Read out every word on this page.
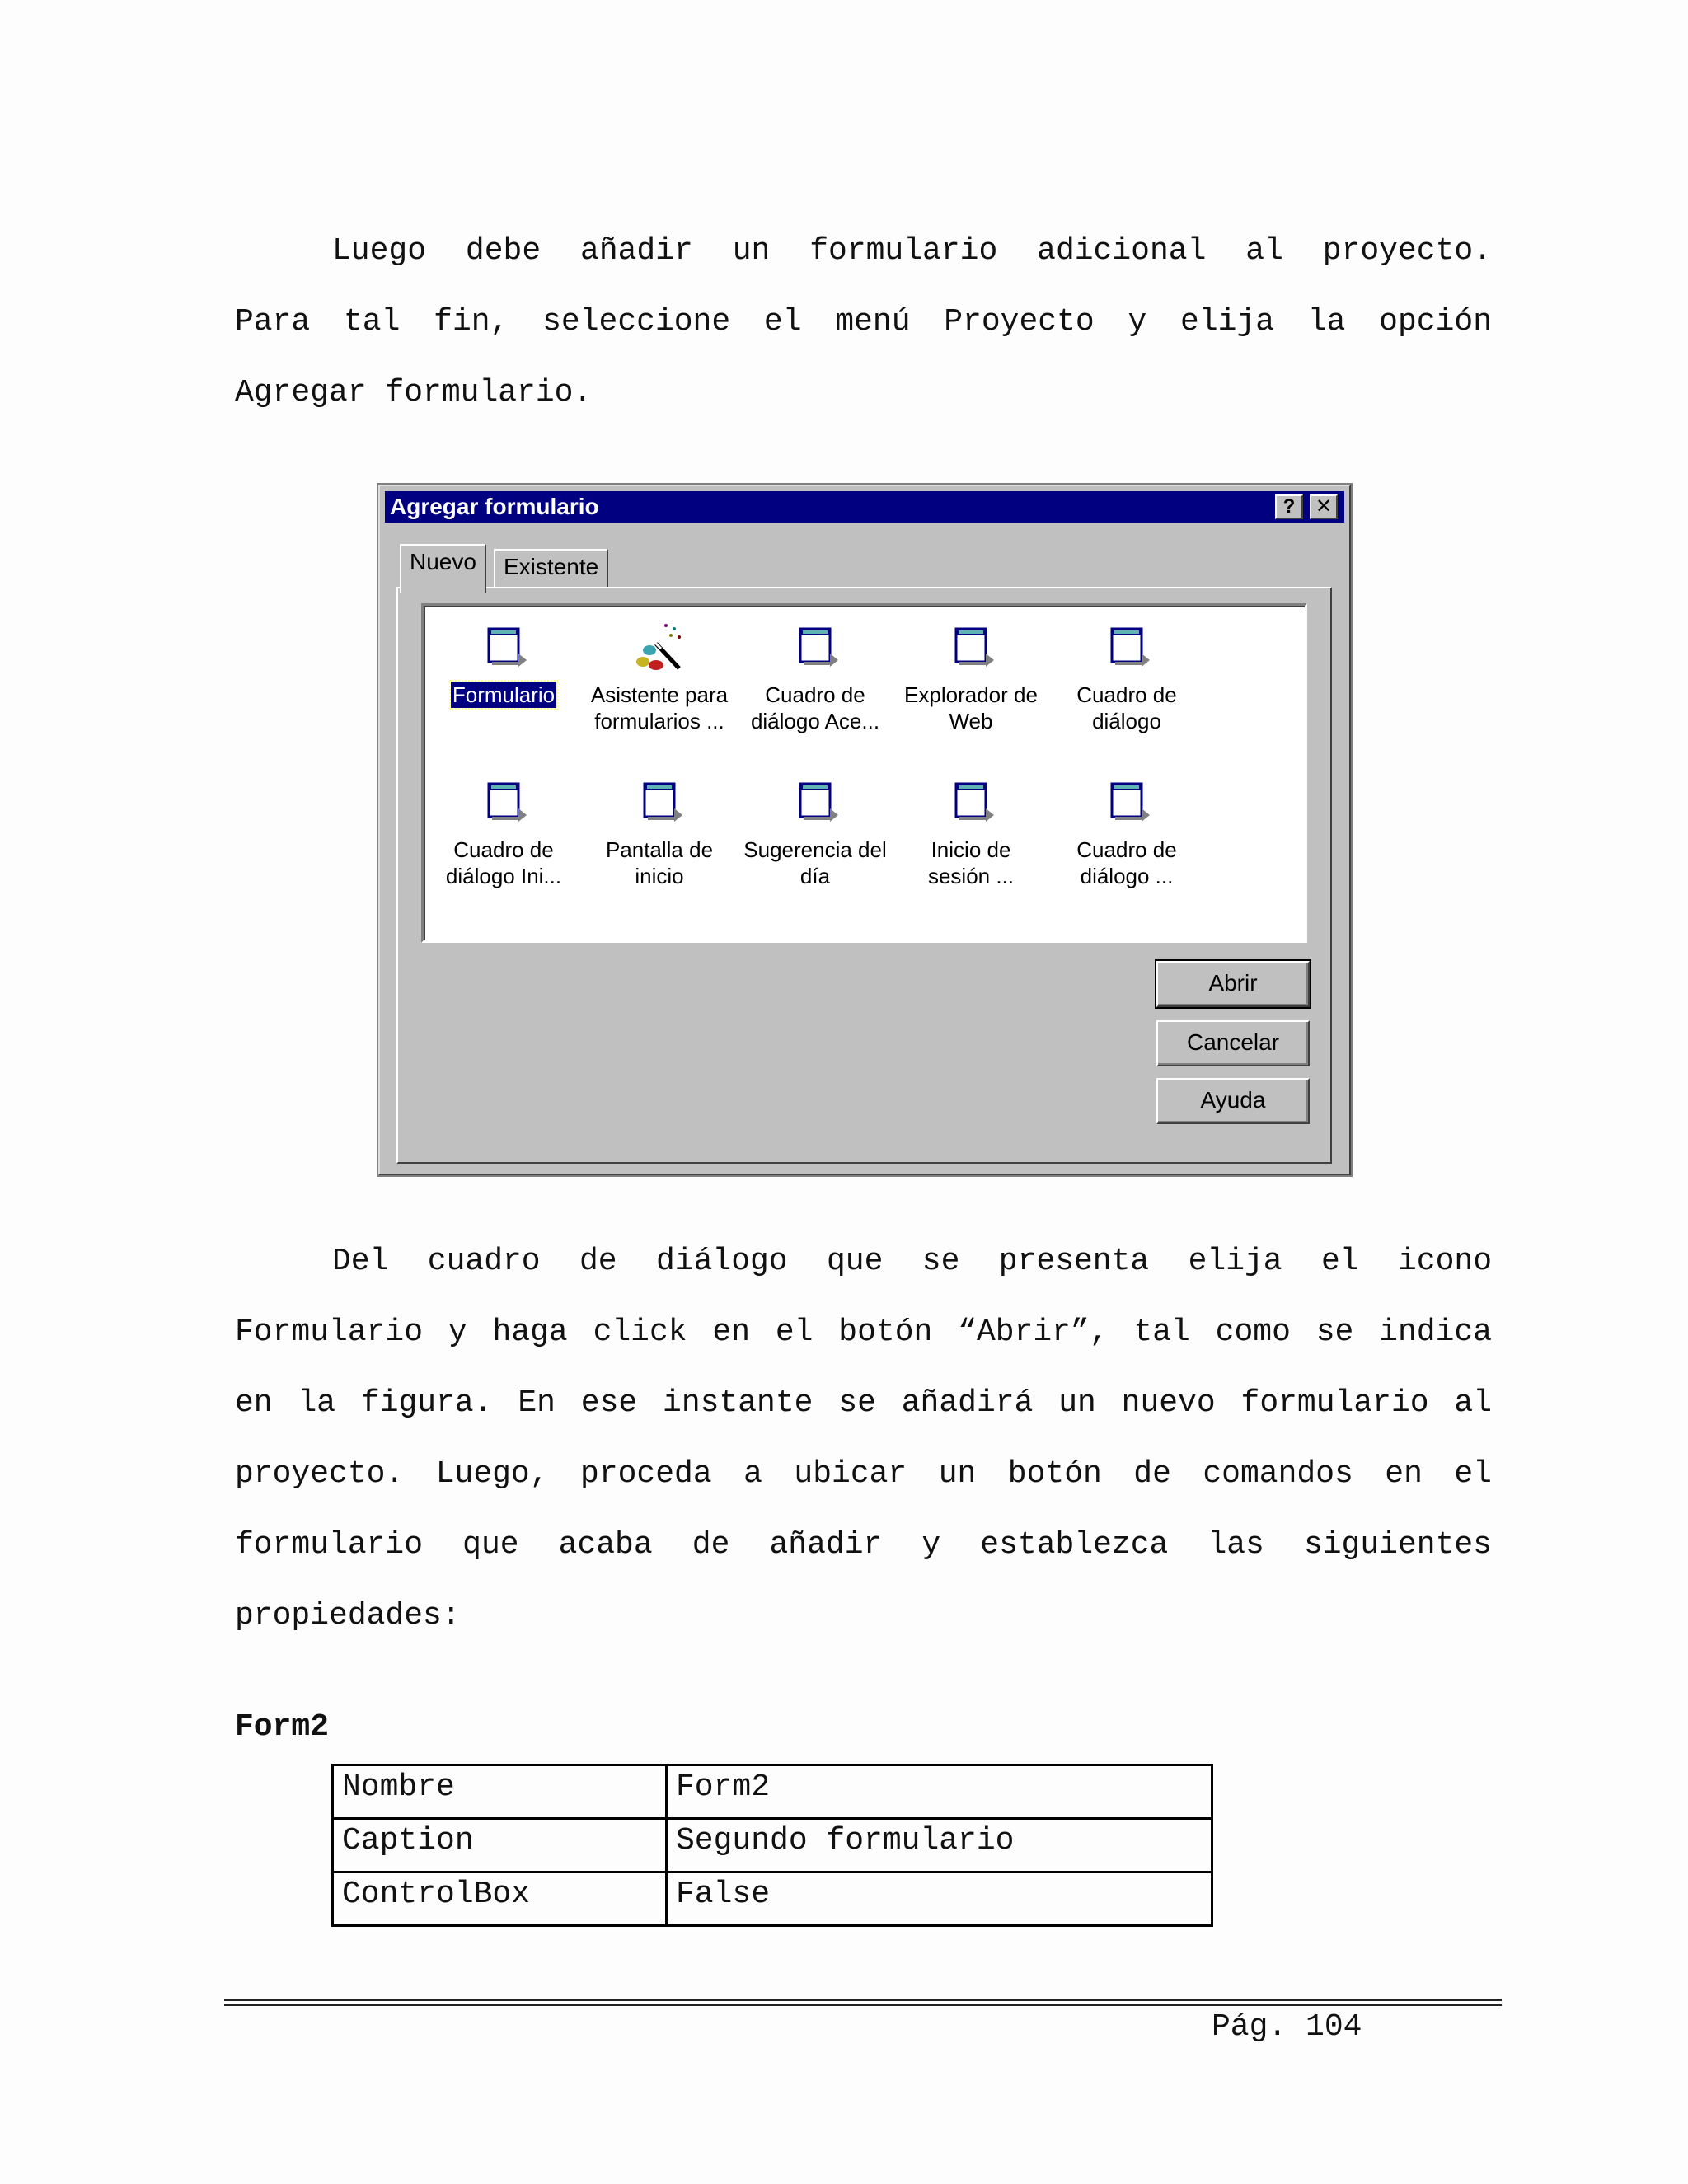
Luego debe añadir un formulario adicional al proyecto.
Para tal fin, seleccione el menú Proyecto y elija la opción
Agregar formulario.

Agregar formulario	?	✕
Nuevo	Existente
Formulario	Asistente para
formularios ...
Cuadro de
diálogo Ace...
Explorador de
Web
Cuadro de
diálogo
Cuadro de
diálogo Ini...
Pantalla de
inicio
Sugerencia del
día
Inicio de
sesión ...
Cuadro de
diálogo ...
Abrir
Cancelar
Ayuda

Del cuadro de diálogo que se presenta elija el icono
Formulario y haga click en el botón “Abrir”, tal como se indica
en la figura. En ese instante se añadirá un nuevo formulario al
proyecto. Luego, proceda a ubicar un botón de comandos en el
formulario que acaba de añadir y establezca las siguientes
propiedades:

Form2
Nombre	Form2
Caption	Segundo formulario
ControlBox	False
Pág. 104
